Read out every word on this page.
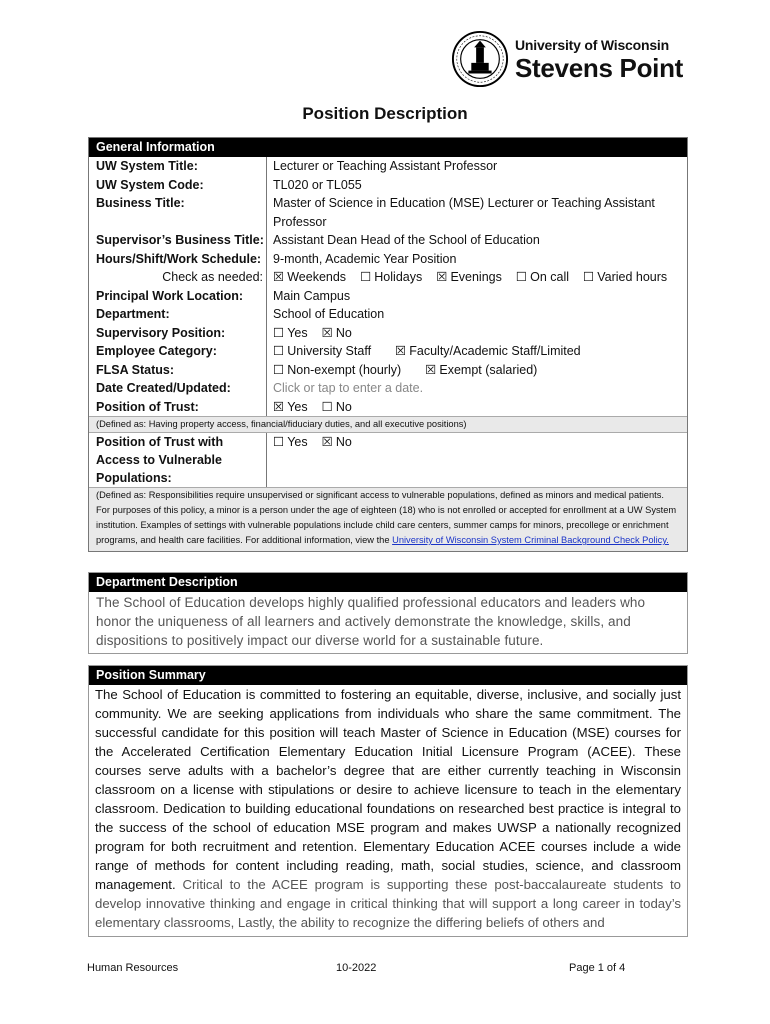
University of Wisconsin
Stevens Point
Position Description
General Information
UW System Title:	Lecturer or Teaching Assistant Professor
UW System Code:	TL020 or TL055
Business Title:	Master of Science in Education (MSE) Lecturer or Teaching Assistant Professor
Supervisor’s Business Title: Assistant Dean Head of the School of Education
Hours/Shift/Work Schedule: 9-month, Academic Year Position
Check as needed: ☒ Weekends ☐ Holidays ☒ Evenings ☐ On call ☐ Varied hours
Principal Work Location:	Main Campus
Department:	School of Education
Supervisory Position:	☐ Yes ☒ No
Employee Category:	☐ University Staff ☒ Faculty/Academic Staff/Limited
FLSA Status:	☐ Non-exempt (hourly) ☒ Exempt (salaried)
Date Created/Updated:	Click or tap to enter a date.
Position of Trust:	☒ Yes ☐ No
(Defined as: Having property access, financial/fiduciary duties, and all executive positions)
Position of Trust with
Access to Vulnerable
Populations:
☐ Yes ☒ No
(Defined as: Responsibilities require unsupervised or significant access to vulnerable populations, defined as minors and medical patients. For purposes of this policy, a minor is a person under the age of eighteen (18) who is not enrolled or accepted for enrollment at a UW System institution. Examples of settings with vulnerable populations include child care centers, summer camps for minors, precollege or enrichment programs, and health care facilities. For additional information, view the University of Wisconsin System Criminal Background Check Policy.
Department Description
The School of Education develops highly qualified professional educators and leaders who honor the uniqueness of all learners and actively demonstrate the knowledge, skills, and dispositions to positively impact our diverse world for a sustainable future.
Position Summary
The School of Education is committed to fostering an equitable, diverse, inclusive, and socially just community. We are seeking applications from individuals who share the same commitment. The successful candidate for this position will teach Master of Science in Education (MSE) courses for the Accelerated Certification Elementary Education Initial Licensure Program (ACEE). These courses serve adults with a bachelor’s degree that are either currently teaching in Wisconsin classroom on a license with stipulations or desire to achieve licensure to teach in the elementary classroom. Dedication to building educational foundations on researched best practice is integral to the success of the school of education MSE program and makes UWSP a nationally recognized program for both recruitment and retention. Elementary Education ACEE courses include a wide range of methods for content including reading, math, social studies, science, and classroom management. Critical to the ACEE program is supporting these post-baccalaureate students to develop innovative thinking and engage in critical thinking that will support a long career in today’s elementary classrooms, Lastly, the ability to recognize the differing beliefs of others and
Human Resources	10-2022	Page 1 of 4
